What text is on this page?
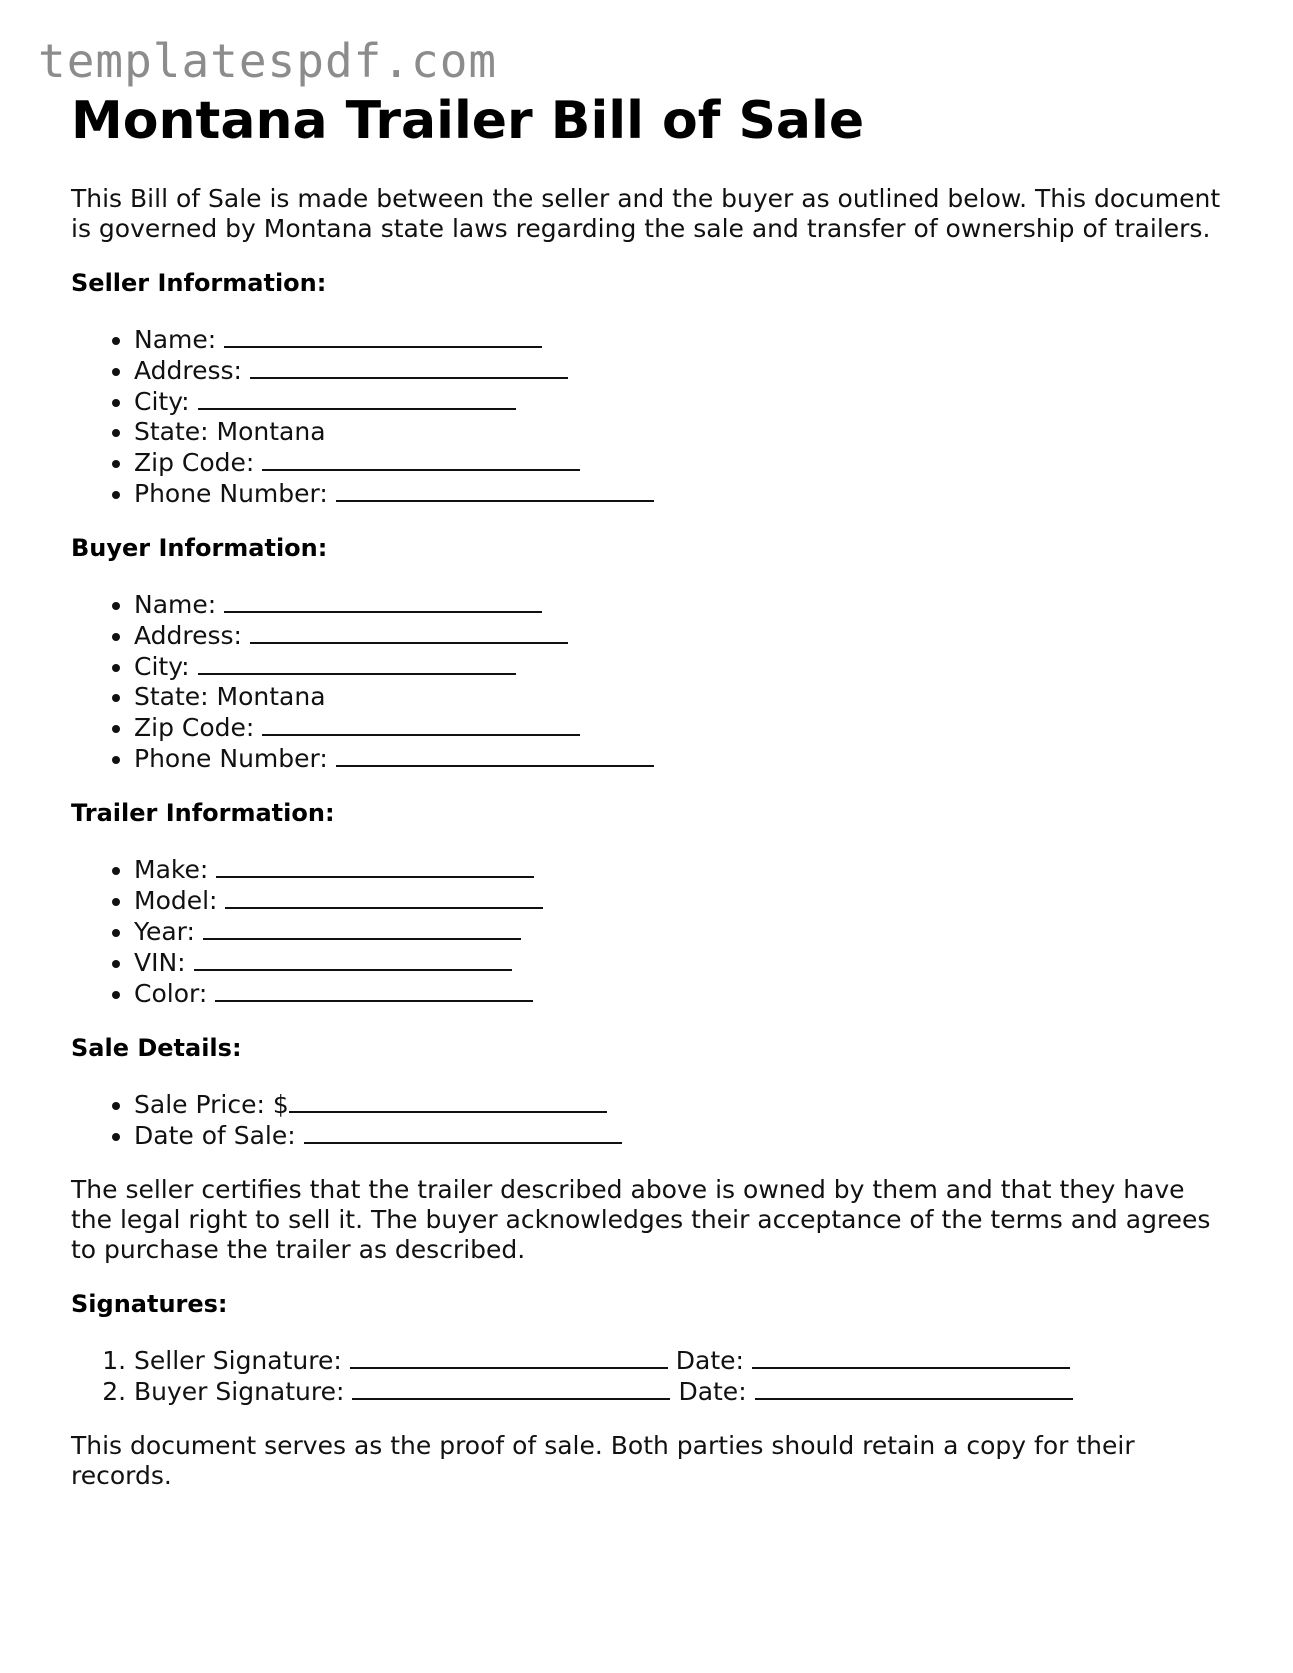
templatespdf.com
Montana Trailer Bill of Sale

This Bill of Sale is made between the seller and the buyer as outlined below. This document is governed by Montana state laws regarding the sale and transfer of ownership of trailers.

Seller Information:
• Name:
• Address:
• City:
• State: Montana
• Zip Code:
• Phone Number:
Buyer Information:
• Name:
• Address:
• City:
• State: Montana
• Zip Code:
• Phone Number:
Trailer Information:
• Make:
• Model:
• Year:
• VIN:
• Color:
Sale Details:
• Sale Price: $
• Date of Sale:

The seller certifies that the trailer described above is owned by them and that they have the legal right to sell it. The buyer acknowledges their acceptance of the terms and agrees to purchase the trailer as described.

Signatures:
1. Seller Signature:	Date:
2. Buyer Signature:	Date:

This document serves as the proof of sale. Both parties should retain a copy for their records.
